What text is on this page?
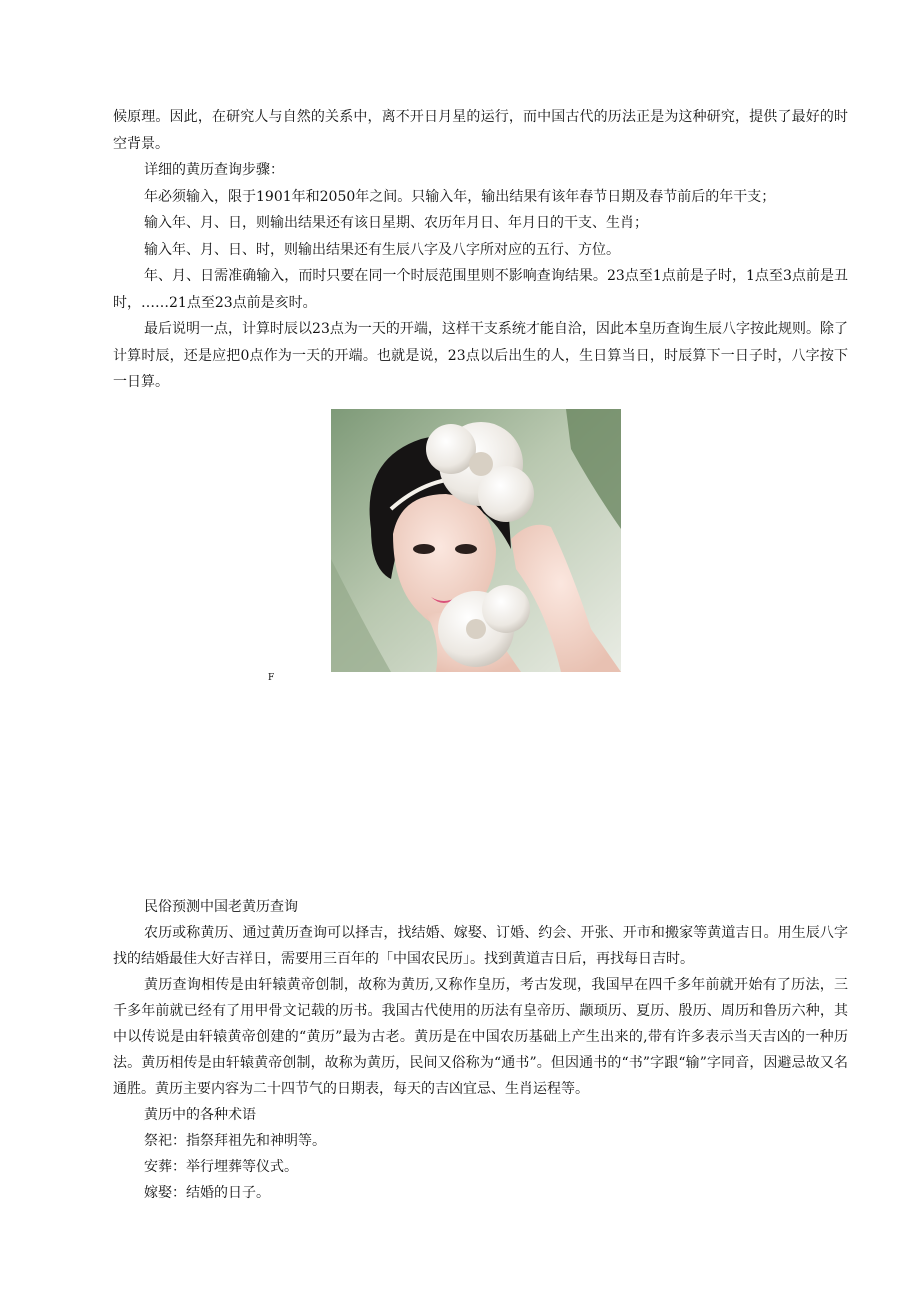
候原理。因此，在研究人与自然的关系中，离不开日月星的运行，而中国古代的历法正是为这种研究，提供了最好的时空背景。

详细的黄历查询步骤：

年必须输入，限于1901年和2050年之间。只输入年，输出结果有该年春节日期及春节前后的年干支；

输入年、月、日，则输出结果还有该日星期、农历年月日、年月日的干支、生肖；

输入年、月、日、时，则输出结果还有生辰八字及八字所对应的五行、方位。

年、月、日需准确输入，而时只要在同一个时辰范围里则不影响查询结果。23点至1点前是子时，1点至3点前是丑时，……21点至23点前是亥时。

最后说明一点，计算时辰以23点为一天的开端，这样干支系统才能自洽，因此本皇历查询生辰八字按此规则。除了计算时辰，还是应把0点作为一天的开端。也就是说，23点以后出生的人，生日算当日，时辰算下一日子时，八字按下一日算。

F

民俗预测中国老黄历查询

农历或称黄历、通过黄历查询可以择吉，找结婚、嫁娶、订婚、约会、开张、开市和搬家等黄道吉日。用生辰八字找的结婚最佳大好吉祥日，需要用三百年的「中国农民历」。找到黄道吉日后，再找每日吉时。

黄历查询相传是由轩辕黄帝创制，故称为黄历,又称作皇历，考古发现，我国早在四千多年前就开始有了历法，三千多年前就已经有了用甲骨文记载的历书。我国古代使用的历法有皇帝历、颛顼历、夏历、殷历、周历和鲁历六种，其中以传说是由轩辕黄帝创建的“黄历”最为古老。黄历是在中国农历基础上产生出来的,带有许多表示当天吉凶的一种历法。黄历相传是由轩辕黄帝创制，故称为黄历，民间又俗称为“通书”。但因通书的“书”字跟“输”字同音，因避忌故又名通胜。黄历主要内容为二十四节气的日期表，每天的吉凶宜忌、生肖运程等。

黄历中的各种术语

祭祀：指祭拜祖先和神明等。

安葬：举行埋葬等仪式。

嫁娶：结婚的日子。
